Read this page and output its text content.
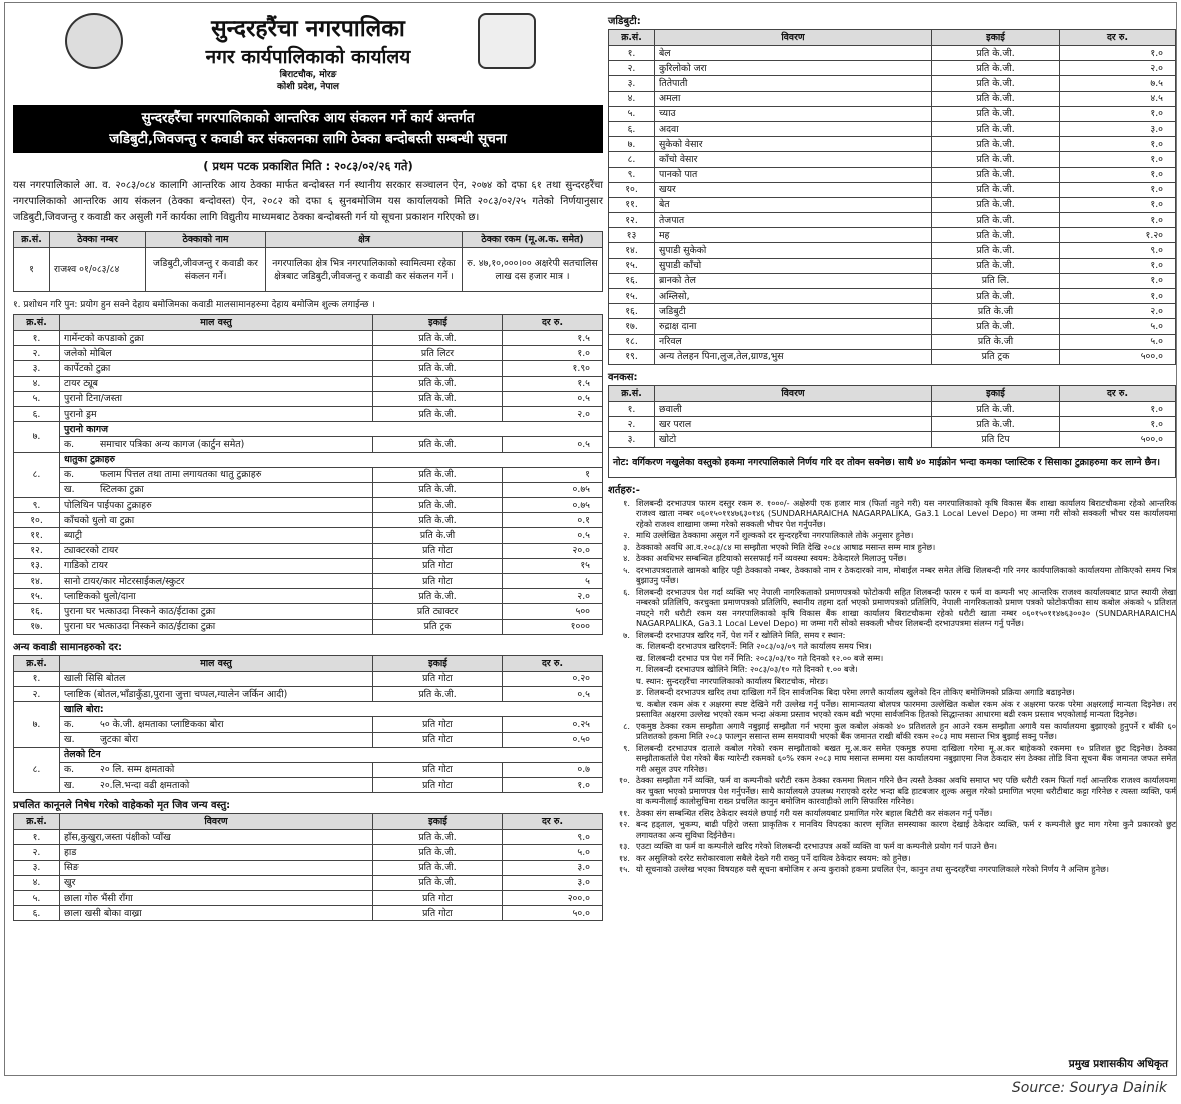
सुन्दरहरैंचा नगरपालिका
नगर कार्यपालिकाको कार्यालय
बिराटचौक, मोरङ
कोशी प्रदेश, नेपाल
सुन्दरहरैंचा नगरपालिकाको आन्तरिक आय संकलन गर्ने कार्य अन्तर्गत
जडिबुटी,जिवजन्तु र कवाडी कर संकलनका लागि ठेक्का बन्दोबस्ती सम्बन्धी सूचना
( प्रथम पटक प्रकाशित मिति : २०८३/०२/२६ गते)
यस नगरपालिकाले आ. व. २०८३/०८४ कालागि आन्तरिक आय ठेक्का मार्फत बन्दोबस्त गर्न स्थानीय सरकार सञ्चालन ऐन, २०७४ को दफा ६१ तथा सुन्दरहरैंचा नगरपालिकाको आन्तरिक आय संकलन (ठेक्का बन्दोवस्त) ऐन, २०८२ को दफा ६ सुनबमोजिम यस कार्यालयको मिति २०८३/०२/२५ गतेको निर्णयानुसार जडिबुटी,जिवजन्तु र कवाडी कर असुली गर्ने कार्यका लागि विद्युतीय माध्यमबाट ठेक्का बन्दोबस्ती गर्न यो सूचना प्रकाशन गरिएको छ।
क्र.सं.	ठेक्का नम्बर	ठेक्काको नाम	क्षेत्र	ठेक्का रकम (मू.अ.क. समेत)
१	राजश्व ०१/०८३/८४	जडिबुटी,जीवजन्तु र कवाडी कर संकलन गर्ने।	नगरपालिका क्षेत्र भित्र नगरपालिकाको स्वामित्वमा रहेका क्षेत्रबाट जडिबुटी,जीवजन्तु र कवाडी कर संकलन गर्ने ।	रु. ४७,१०,०००।०० अक्षरेपी सतचालिस लाख दस हजार मात्र ।
१. प्रशोधन गरि पुन: प्रयोग हुन सक्ने देहाय बमोजिमका कवाडी मालसामानहरुमा देहाय बमोजिम शुल्क लगाईन्छ ।
क्र.सं.	माल वस्तु	इकाई	दर रु.
१.	गार्मेन्टको कपडाको टुक्रा	प्रति के.जी.	१.५
२.	जलेको मोबिल	प्रति लिटर	१.०
३.	कार्पेटको टुक्रा	प्रति के.जी.	१.९०
४.	टायर ट्यूब	प्रति के.जी.	१.५
५.	पुरानो टिना/जस्ता	प्रति के.जी.	०.५
६.	पुरानो ड्रम	प्रति के.जी.	२.०
७.	पुरानो कागज		
	क. समाचार पत्रिका अन्य कागज (कार्टुन समेत)	प्रति के.जी.	०.५
८.	धातुका टुक्राहरु		
	क. फलाम पित्तल तथा तामा लगायतका धातु टुक्राहरु	प्रति के.जी.	१
	ख. स्टिलका टुक्रा	प्रति के.जी.	०.७५
९.	पोलिथिन पाईपका टुक्राहरु	प्रति के.जी.	०.७५
१०.	काँचको धुलो वा टुक्रा	प्रति के.जी.	०.१
११.	ब्याट्री	प्रति के.जी	०.५
१२.	ट्याक्टरको टायर	प्रति गोटा	२०.०
१३.	गाडिको टायर	प्रति गोटा	१५
१४.	सानो टायर/कार मोटरसाईकल/स्कुटर	प्रति गोटा	५
१५.	प्लाष्टिकको धुलो/दाना	प्रति के.जी.	२.०
१६.	पुराना घर भत्काउदा निस्कने काठ/ईटाका टुक्रा	प्रति ट्याक्टर	५००
१७.	पुराना घर भत्काउदा निस्कने काठ/ईटाका टुक्रा	प्रति ट्रक	१०००
अन्य कवाडी सामानहरुको दर:
क्र.सं.	माल वस्तु	इकाई	दर रु.
१.	खाली सिसि बोतल	प्रति गोटा	०.२०
२.	प्लाष्टिक (बोतल,भाँडाकुँडा,पुराना जुत्ता चप्पल,ग्यालेन जर्किन आदी)	प्रति के.जी.	०.५
७.	खालि बोरा:		
	क. ५० के.जी. क्षमताका प्लाष्टिकका बोरा	प्रति गोटा	०.२५
	ख. जुटका बोरा	प्रति गोटा	०.५०
८.	तेलको टिन		
	क. २० लि. सम्म क्षमताको	प्रति गोटा	०.७
	ख. २०.लि.भन्दा वढी क्षमताको	प्रति गोटा	१.०
प्रचलित कानूनले निषेध गरेको वाहेकको मृत जिव जन्य वस्तु:
क्र.सं.	विवरण	इकाई	दर रु.
१.	हाँस,कुखुरा,जस्ता पंक्षीको प्वाँख	प्रति के.जी.	९.०
२.	हाड	प्रति के.जी.	५.०
३.	सिङ	प्रति के.जी.	३.०
४.	खुर	प्रति के.जी.	३.०
५.	छाला गोरु भैंसी राँगा	प्रति गोटा	२००.०
६.	छाला खसी बोका वाख्रा	प्रति गोटा	५०.०
जडिबुटी:
क्र.सं.	विवरण	इकाई	दर रु.
१.	बेल	प्रति के.जी.	१.०
२.	कुरिलोको जरा	प्रति के.जी.	२.०
३.	तितेपाती	प्रति के.जी.	७.५
४.	अमला	प्रति के.जी.	४.५
५.	च्याउ	प्रति के.जी.	१.०
६.	अदवा	प्रति के.जी.	३.०
७.	सुकेको वेसार	प्रति के.जी.	१.०
८.	काँचो वेसार	प्रति के.जी.	१.०
९.	पानको पात	प्रति के.जी.	१.०
१०.	खयर	प्रति के.जी.	१.०
११.	बेत	प्रति के.जी.	१.०
१२.	तेजपात	प्रति के.जी.	१.०
१३	मह	प्रति के.जी.	१.२०
१४.	सुपाडी सुकेको	प्रति के.जी.	९.०
१५.	सुपाडी काँचो	प्रति के.जी.	१.०
१६.	ब्रानको तेल	प्रति लि.	१.०
१५.	अम्लिसो,	प्रति के.जी.	१.०
१६.	जडिबुटी	प्रति के.जी	२.०
१७.	रुद्राक्ष दाना	प्रति के.जी.	५.०
१८.	नरिवल	प्रति के.जी	५.०
१९.	अन्य तेलहन पिना,लुज,तेल,ग्राण्ड,भुस	प्रति ट्रक	५००.०
वनकस:
क्र.सं.	विवरण	इकाई	दर रु.
१.	छवाली	प्रति के.जी.	१.०
२.	खर पराल	प्रति के.जी.	१.०
३.	खोटो	प्रति टिप	५००.०
नोट: वर्गिकरण नखुलेका वस्तुको हकमा नगरपालिकाले निर्णय गरि दर तोक्न सक्नेछ। साथै ४० माईक्रोन भन्दा कमका प्लास्टिक र सिसाका टुक्राहरुमा कर लाग्ने छैन।			
शर्तहरु:-
१. शिलबन्दी दरभाउपत्र फारम दस्तुर रकम रु. १०००/- अक्षेरुपी एक हजार मात्र (फिर्ता नहुने गरी) यस नगरपालिकाको कृषि विकास बैंक शाखा कार्यालय बिराटचौकमा रहेको आन्तरिक राजश्व खाता नम्बर ०६०१५०११४७६३०१४६ (SUNDARHARAICHA NAGARPALIKA, Ga3.1 Local Level Depo) मा जम्मा गरी सोको सक्कली भौचर यस कार्यालयमा रहेको राजश्व शाखामा जम्मा गरेको सक्कली भौचर पेश गर्नुपर्नेछ।
२. माथि उल्लेखित ठेक्कामा असुल गर्ने शुल्कको दर सुन्दरहरैंचा नगरपालिकाले तोके अनुसार हुनेछ।
३. ठेक्काको अवधि आ.व.२०८३/८४ मा सम्झौता भएको मिति देखि २०८४ आषाढ मसान्त सम्म मात्र हुनेछ।
४. ठेक्का अवधिभर सम्बन्धित हटियाको सरसफाई गर्ने व्यवस्था स्वयम: ठेकेदारले मिलाउनु पर्नेछ।
५. दरभाउपत्रदाताले खामको बाहिर पट्टी ठेक्काको नम्बर, ठेक्काको नाम र ठेकदारको नाम, मोबाईल नम्बर समेत लेखि शिलबन्दी गरि नगर कार्यपालिकाको कार्यालयमा तोकिएको समय भित्र बुझाउनु पर्नेछ।
६. शिलबन्दी दरभाउपत्र पेश गर्दा व्यक्ति भए नेपाली नागरिकताको प्रमाणपत्रको फोटोकपी सहित शिलबन्दी फारम र फर्म वा कम्पनी भए आन्तरिक राजश्व कार्यालयबाट प्राप्त स्थायी लेखा नम्बरको प्रतिलिपि, करचुक्ता प्रमाणपत्रको प्रतिलिपि, स्थानीय तहमा दर्ता भएको प्रमाणपत्रको प्रतिलिपि, नेपाली नागरिकताको प्रमाण पत्रको फोटोकपीका साथ कबोल अंकको ५ प्रतिशत नघट्ने गरी धरौटी रकम यस नगरपालिकाको कृषि विकास बैंक शाखा कार्यालय बिराटचौकमा रहेको धरौटी खाता नम्बर ०६०१५०११४७६३००३० (SUNDARHARAICHA NAGARPALIKA, Ga3.1 Local Level Depo) मा जम्मा गरी सोको सक्कली भौचर शिलबन्दी दरभाउपत्रमा संलग्न गर्नु पर्नेछ।
७. शिलबन्दी दरभाउपत्र खरिद गर्ने, पेश गर्ने र खोलिने मिति, समय र स्थान:
क. शिलबन्दी दरभाउपत्र खरिदगर्ने: मिति २०८३/०३/०९ गते कार्यालय समय भित्र।
ख. शिलबन्दी दरभाउ पत्र पेश गर्ने मिति: २०८३/०३/१० गते दिनको १२.०० बजे सम्म।
ग. शिलबन्दी दरभाउपत्र खोलिने मिति: २०८३/०३/१० गते दिनको १.०० बजे।
घ. स्थान: सुन्दरहरैंचा नगरपालिकाको कार्यालय बिराटचोक, मोरङ।
ङ. शिलबन्दी दरभाउपत्र खरिद तथा दाखिला गर्ने दिन सार्वजनिक बिदा परेमा लगत्तै कार्यालय खुलेको दिन तोकिए बमोजिमको प्रक्रिया अगाडि बढाइनेछ।
च. कबोल रकम अंक र अक्षरमा स्पष्ट देखिने गरी उल्लेख गर्नु पर्नेछ। सामान्यतया बोलपत्र फारममा उल्लेखित कबोल रकम अंक र अक्षरमा फरक परेमा अक्षरलाई मान्यता दिइनेछ। तर प्रस्तावित अक्षरमा उल्लेख भएको रकम भन्दा अंकमा प्रस्ताव भएको रकम बढी भएमा सार्वजनिक हितको सिद्धान्तका आधारमा बढी रकम प्रस्ताव भएकोलाई मान्यता दिइनेछ।
८. एकमुष्ठ ठेक्का रकम सम्झौता अगावै नबुझाई सम्झौता गर्न भएमा कुल कबोल अंकको ४० प्रतिशतले हुन आउने रकम सम्झौता अगावै यस कार्यालयमा बुझाएको हुनुपर्ने र बाँकी ६० प्रतिशतको हकमा मिति २०८३ फाल्गुन ससान्त सम्म समयावधी भएको बैंक जमानत राखी बाँकी रकम २०८३ माघ मसान्त भित्र बुझाई सक्नु पर्नेछ।
९. शिलबन्दी दरभाउपत्र दाताले कबोल गरेको रकम सम्झौताको बखत मू.अ.कर समेत एकमुष्ठ रुपमा दाखिला गरेमा मू.अ.कर बाहेकको रकममा १० प्रतिशत छुट दिइनेछ। ठेक्का सम्झौताकर्ताले पेश गरेको बैंक ग्यारेन्टी रकमको ६०% रकम २०८३ माघ मसान्त सम्ममा यस कार्यालयमा नबुझाएमा निज ठेकदार संग ठेक्का तोडि विना सूचना बैंक जमानत जफत समेत गरी असुल उपर गरिनेछ।
१०. ठेक्का सम्झौता गर्ने व्यक्ति, फर्म वा कम्पनीको धरौटी रकम ठेक्का रकममा मिलान गरिने छैन त्यस्तै ठेक्का अवधि समाप्त भए पछि धरौटी रकम फिर्ता गर्दा आन्तरिक राजश्व कार्यालयमा कर चुक्ता भएको प्रमाणपत्र पेश गर्नुपर्नेछ। साथै कार्यालयले उपलब्ध गराएको दररेट भन्दा बढि हाटबजार शुल्क असुल गरेको प्रमाणित भएमा धरौटीबाट कट्टा गरिनेछ र त्यस्ता व्यक्ति, फर्म वा कम्पनीलाई कालोसुचिमा राख्न प्रचलित कानुन बमोजिम कारवाहीको लागि सिफारिस गरिनेछ।
११. ठेक्का संग सम्बन्धित रसिद ठेकेदार स्वयंले छपाई गरी यस कार्यालयबाट प्रमाणित गरेर बहाल बिटौरी कर संकलन गर्नु पर्नेछ।
१२. बन्द हड्ताल, भुकम्प, बाढी पहिरो जस्ता प्राकृतिक र मानविय विपदका कारण सृजित समस्याका कारण देखाई ठेकेदार व्यक्ति, फर्म र कम्पनीले छुट माग गरेमा कुनै प्रकारको छुट लगायतका अन्य सुविधा दिईनेछैन।
१३. एउटा व्यक्ति वा फर्म वा कम्पनीले खरिद गरेको शिलबन्दी दरभाउपत्र अर्को व्यक्ति वा फर्म वा कम्पनीले प्रयोग गर्न पाउने छैन।
१४. कर असुलिको दररेट सरोकारवाला सबैले देख्ने गरी राख्नु पर्ने दायित्व ठेकेदार स्वयम: को हुनेछ।
१५. यो सूचनाको उल्लेख भएका विषयहरु यसै सूचना बमोजिम र अन्य कुराको हकमा प्रचलित ऐन, कानुन तथा सुन्दरहरैंचा नगरपालिकाले गरेको निर्णय नै अन्तिम हुनेछ।
प्रमुख प्रशासकीय अधिकृत
Source: Sourya Dainik
